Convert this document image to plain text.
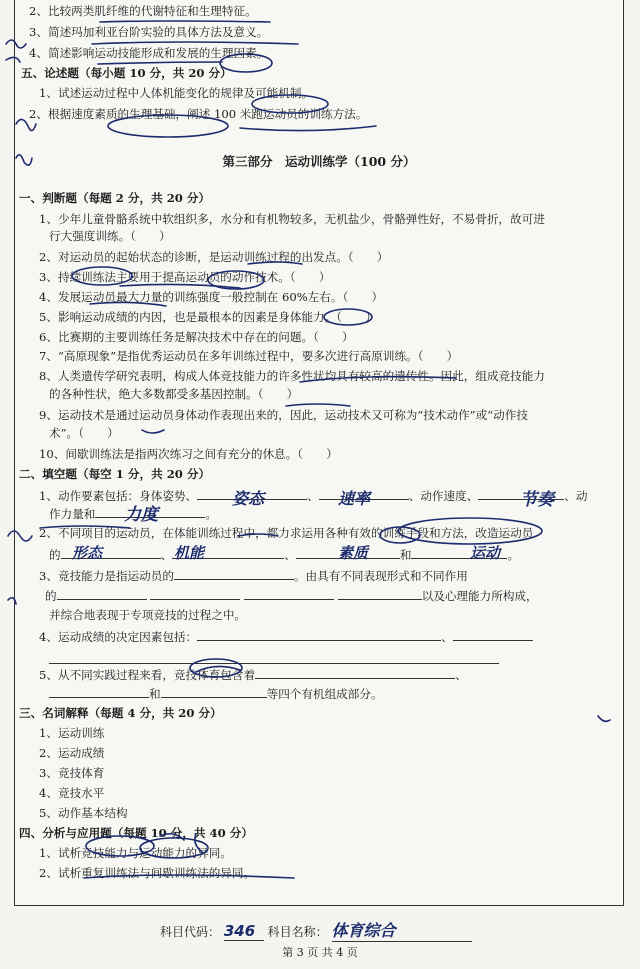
2、比较两类肌纤维的代谢特征和生理特征。
3、简述玛加利亚台阶实验的具体方法及意义。
4、简述影响运动技能形成和发展的生理因素。
五、论述题（每小题 10 分，共 20 分）
1、试述运动过程中人体机能变化的规律及可能机制。
2、根据速度素质的生理基础，阐述 100 米跑运动员的训练方法。
第三部分　运动训练学（100 分）
一、判断题（每题 2 分，共 20 分）
1、少年儿童骨骼系统中软组织多，水分和有机物较多，无机盐少，骨骼弹性好，不易骨折，故可进
行大强度训练。（　　）
2、对运动员的起始状态的诊断，是运动训练过程的出发点。（　　）
3、持续训练法主要用于提高运动员的动作技术。（　　）
4、发展运动员最大力量的训练强度一般控制在 60%左右。（　　）
5、影响运动成绩的内因，也是最根本的因素是身体能力。（　　）
6、比赛期的主要训练任务是解决技术中存在的问题。（　　）
7、“高原现象”是指优秀运动员在多年训练过程中，要多次进行高原训练。（　　）
8、人类遗传学研究表明，构成人体竞技能力的许多性状均具有较高的遗传性。因此，组成竞技能力
的各种性状，绝大多数都受多基因控制。（　　）
9、运动技术是通过运动员身体动作表现出来的，因此，运动技术又可称为“技术动作”或“动作技
术”。（　　）
10、间歇训练法是指两次练习之间有充分的休息。（　　）
二、填空题（每空 1 分，共 20 分）
1、动作要素包括：身体姿势、	、	、动作速度、	、动
作力量和	。
2、不同项目的运动员，在体能训练过程中，都力求运用各种有效的训练手段和方法，改造运动员
的	、	、	和	。
3、竞技能力是指运动员的	。由具有不同表现形式和不同作用
的	以及心理能力所构成，
并综合地表现于专项竞技的过程之中。
4、运动成绩的决定因素包括：	、
5、从不同实践过程来看，竞技体育包含着	、
和	等四个有机组成部分。
三、名词解释（每题 4 分，共 20 分）
1、运动训练
2、运动成绩
3、竞技体育
4、竞技水平
5、动作基本结构
四、分析与应用题（每题 10 分，共 40 分）
1、试析竞技能力与运动能力的异同。
2、试析重复训练法与间歇训练法的异同。
姿态	速率	节奏
力度
形态	机能	素质	运动
科目代码： 346 科目名称： 体育综合
第 3 页 共 4 页
